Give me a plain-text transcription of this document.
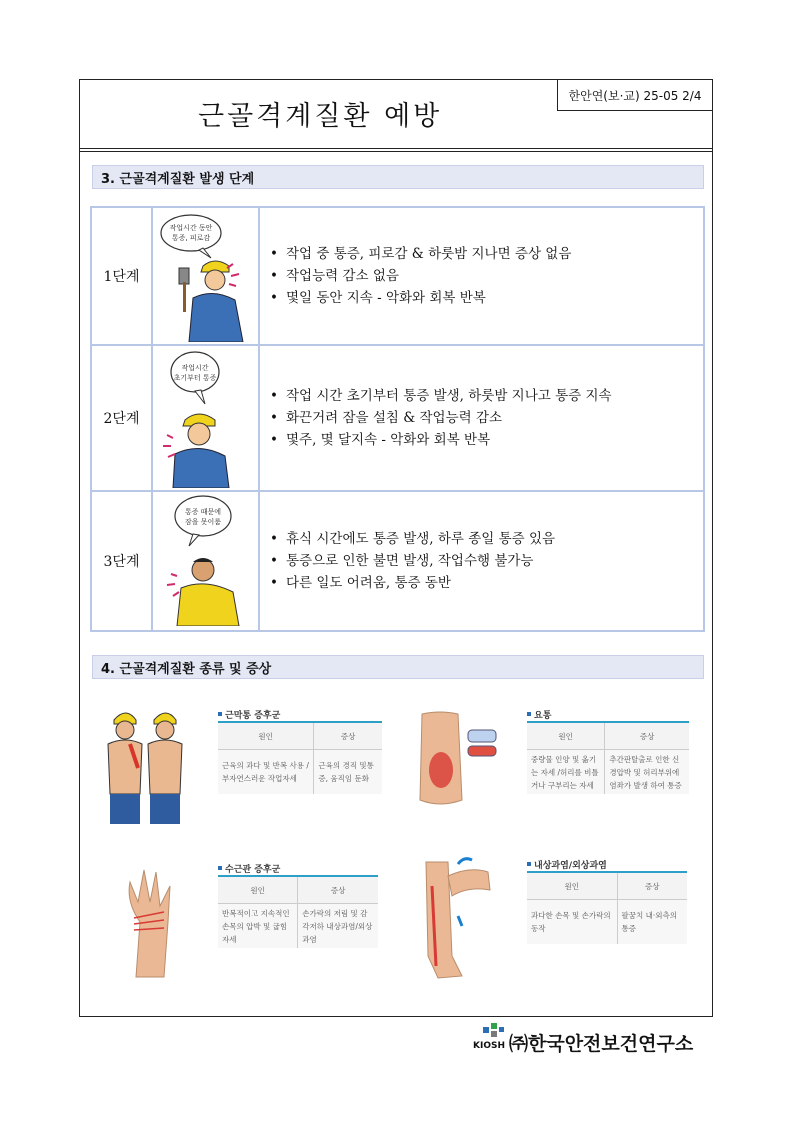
근골격계질환 예방
한안연(보·교) 25-05 2/4
3. 근골격계질환 발생 단계
1단계
작업시간 동안
통증, 피로감
• 작업 중 통증, 피로감 & 하룻밤 지나면 증상 없음
• 작업능력 감소 없음
• 몇일 동안 지속 - 악화와 회복 반복
2단계
작업시간
초기부터 통증
• 작업 시간 초기부터 통증 발생, 하룻밤 지나고 통증 지속
• 화끈거려 잠을 설침 & 작업능력 감소
• 몇주, 몇 달지속 - 악화와 회복 반복
3단계
통증 때문에
잠을 못이룸
• 휴식 시간에도 통증 발생, 하루 종일 통증 있음
• 통증으로 인한 불면 발생, 작업수행 불가능
• 다른 일도 어려움, 통증 동반
4. 근골격계질환 종류 및 증상
근막통 증후군
원인	증상
근육의 과다 및 반복 사용 /부자연스러운 작업자세	근육의 경직 및통증, 움직임 둔화
요통
원인	증상
중량물 인양 및 옮기는 자세 /허리를 비틀거나 구부리는 자세	추간판탈출로 인한 신경압박 및 허리부위에 염좌가 발생 하여 통증
수근관 증후군
원인	증상
반복적이고 지속적인 손목의 압박 및 굽힘 자세	손가락의 저림 및 감각저하 내상과염/외상과염
내상과염/외상과염
원인	증상
과다한 손목 및 손가락의 동작	팔꿈치 내·외측의 통증
KIOSH ㈜한국안전보건연구소
